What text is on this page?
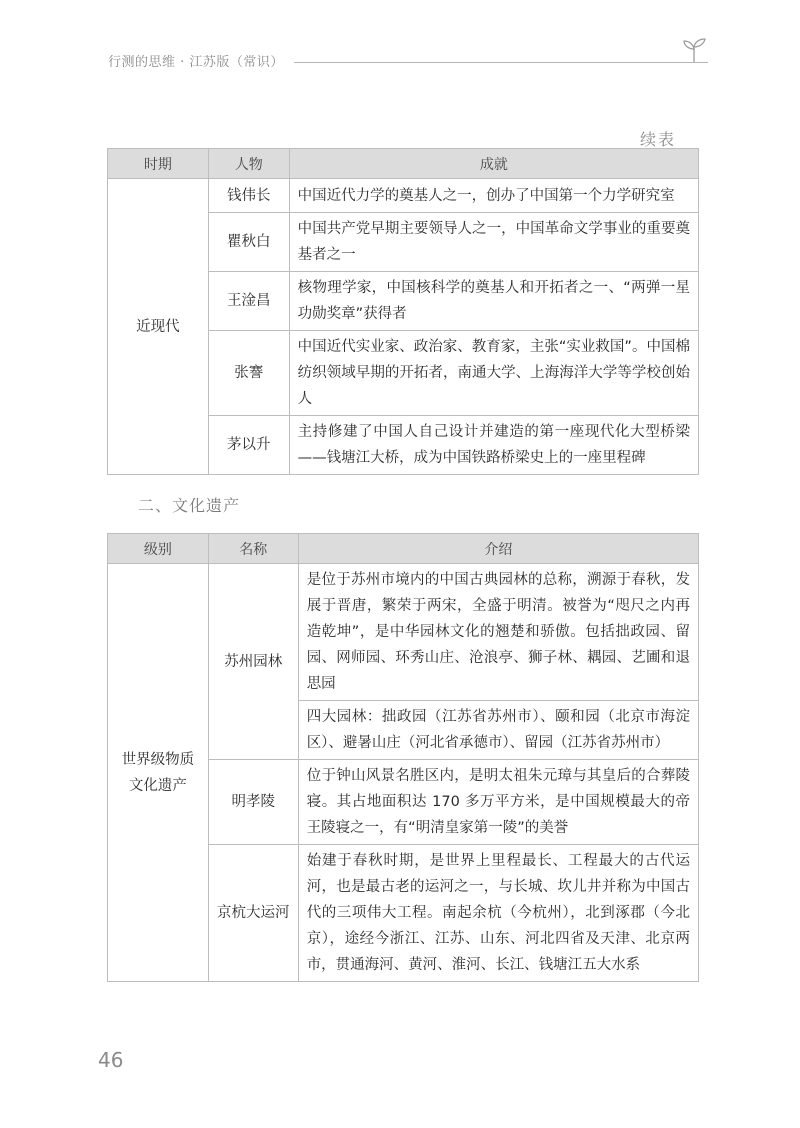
行测的思维 · 江苏版（常识）
续表
时期	人物	成就
近现代	钱伟长	中国近代力学的奠基人之一，创办了中国第一个力学研究室
	瞿秋白	中国共产党早期主要领导人之一，中国革命文学事业的重要奠基者之一
	王淦昌	核物理学家，中国核科学的奠基人和开拓者之一、“两弹一星功勋奖章”获得者
	张謇	中国近代实业家、政治家、教育家，主张“实业救国”。中国棉纺织领域早期的开拓者，南通大学、上海海洋大学等学校创始人
	茅以升	主持修建了中国人自己设计并建造的第一座现代化大型桥梁——钱塘江大桥，成为中国铁路桥梁史上的一座里程碑
二、文化遗产
级别	名称	介绍
世界级物质文化遗产	苏州园林	是位于苏州市境内的中国古典园林的总称，溯源于春秋，发展于晋唐，繁荣于两宋，全盛于明清。被誉为“咫尺之内再造乾坤”，是中华园林文化的翘楚和骄傲。包括拙政园、留园、网师园、环秀山庄、沧浪亭、狮子林、耦园、艺圃和退思园
		四大园林：拙政园（江苏省苏州市）、颐和园（北京市海淀区）、避暑山庄（河北省承德市）、留园（江苏省苏州市）
	明孝陵	位于钟山风景名胜区内，是明太祖朱元璋与其皇后的合葬陵寝。其占地面积达 170 多万平方米，是中国规模最大的帝王陵寝之一，有“明清皇家第一陵”的美誉
	京杭大运河	始建于春秋时期，是世界上里程最长、工程最大的古代运河，也是最古老的运河之一，与长城、坎儿井并称为中国古代的三项伟大工程。南起余杭（今杭州），北到涿郡（今北京），途经今浙江、江苏、山东、河北四省及天津、北京两市，贯通海河、黄河、淮河、长江、钱塘江五大水系
46
